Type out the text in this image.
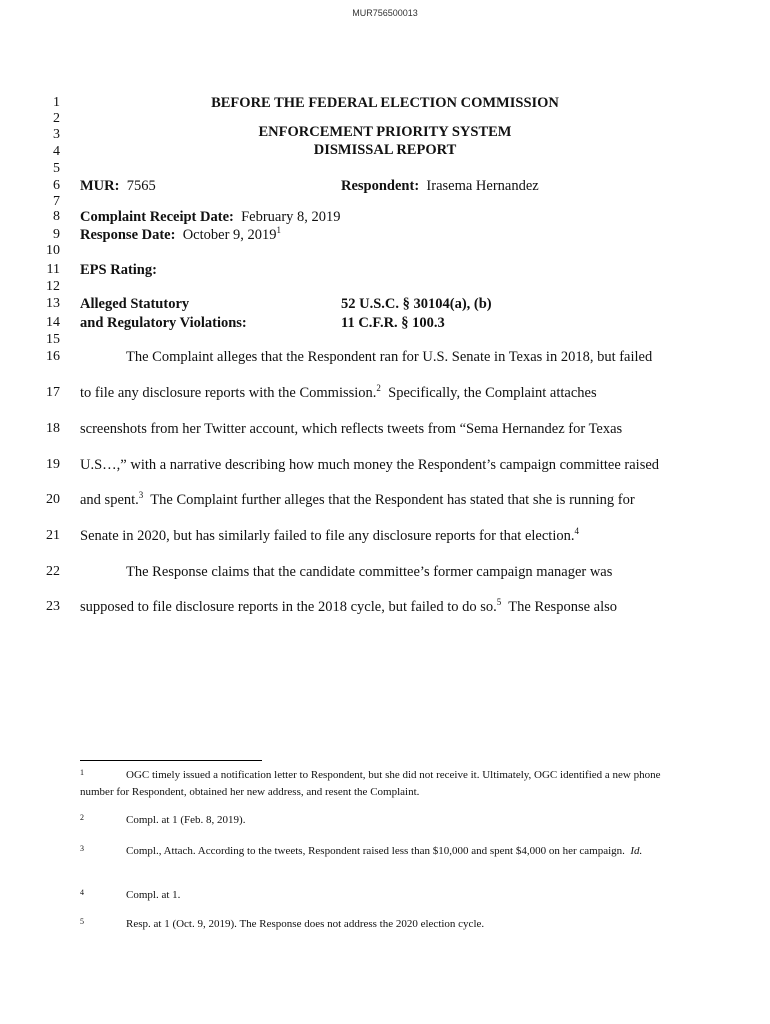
MUR756500013
1
2
3
4
5
6
7
8
9
10
11
12
13
14
15
16
17
18
19
20
21
22
23
BEFORE THE FEDERAL ELECTION COMMISSION
ENFORCEMENT PRIORITY SYSTEM
DISMISSAL REPORT
MUR: 7565	Respondent: Irasema Hernandez
Complaint Receipt Date: February 8, 2019
Response Date: October 9, 2019$^1$
EPS Rating:
Alleged Statutory
and Regulatory Violations:
52 U.S.C. § 30104(a), (b)
11 C.F.R. § 100.3
The Complaint alleges that the Respondent ran for U.S. Senate in Texas in 2018, but failed
to file any disclosure reports with the Commission.$^2$  Specifically, the Complaint attaches
screenshots from her Twitter account, which reflects tweets from “Sema Hernandez for Texas
U.S…,” with a narrative describing how much money the Respondent’s campaign committee raised
and spent.$^3$  The Complaint further alleges that the Respondent has stated that she is running for
Senate in 2020, but has similarly failed to file any disclosure reports for that election.$^4$
The Response claims that the candidate committee’s former campaign manager was
supposed to file disclosure reports in the 2018 cycle, but failed to do so.$^5$  The Response also
1	OGC timely issued a notification letter to Respondent, but she did not receive it. Ultimately, OGC identified a new phone number for Respondent, obtained her new address, and resent the Complaint.
2	Compl. at 1 (Feb. 8, 2019).
3	Compl., Attach. According to the tweets, Respondent raised less than $10,000 and spent $4,000 on her campaign. Id.
4	Compl. at 1.
5	Resp. at 1 (Oct. 9, 2019). The Response does not address the 2020 election cycle.
